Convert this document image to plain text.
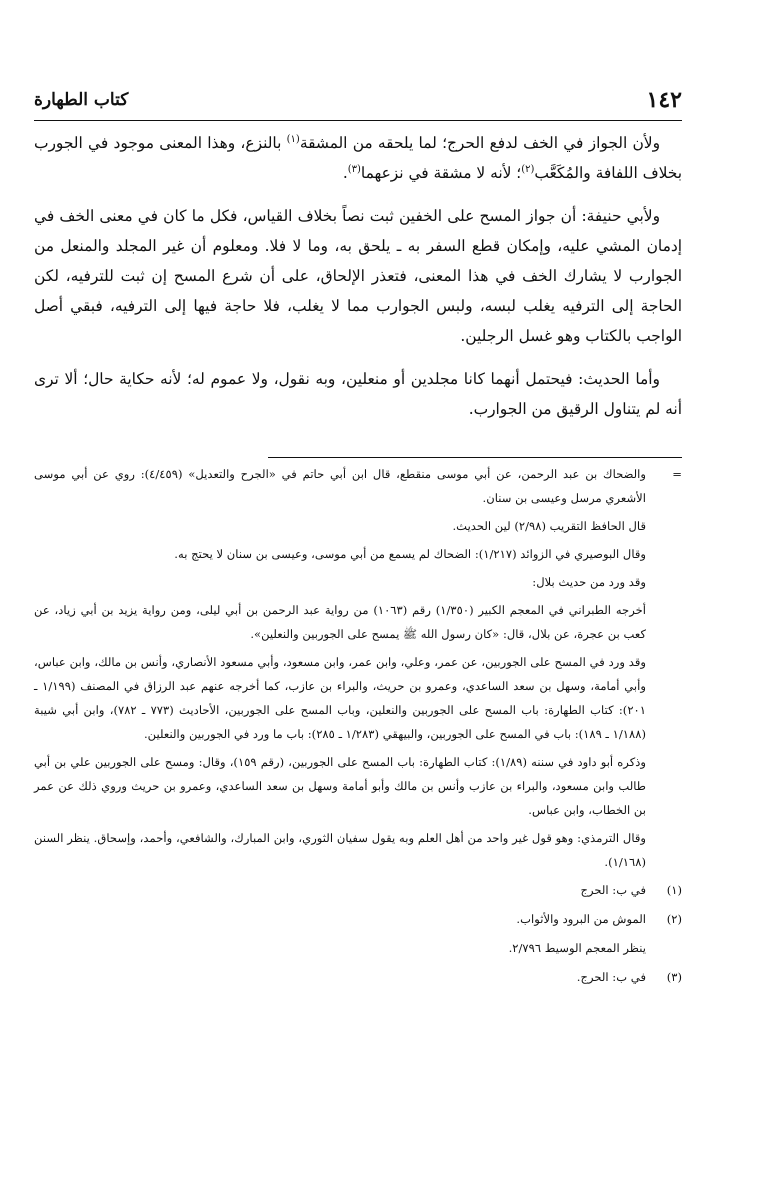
١٤٢
كتاب الطهارة

ولأن الجواز في الخف لدفع الحرج؛ لما يلحقه من المشقة$^{(١)}$ بالنزع، وهذا المعنى موجود في الجورب بخلاف اللفافة والمُكَعَّب$^{(٢)}$؛ لأنه لا مشقة في نزعهما$^{(٣)}$.

ولأبي حنيفة: أن جواز المسح على الخفين ثبت نصاً بخلاف القياس، فكل ما كان في معنى الخف في إدمان المشي عليه، وإمكان قطع السفر به ـ يلحق به، وما لا فلا. ومعلوم أن غير المجلد والمنعل من الجوارب لا يشارك الخف في هذا المعنى، فتعذر الإلحاق، على أن شرع المسح إن ثبت للترفيه، لكن الحاجة إلى الترفيه يغلب لبسه، ولبس الجوارب مما لا يغلب، فلا حاجة فيها إلى الترفيه، فبقي أصل الواجب بالكتاب وهو غسل الرجلين.

وأما الحديث: فيحتمل أنهما كانا مجلدين أو منعلين، وبه نقول، ولا عموم له؛ لأنه حكاية حال؛ ألا ترى أنه لم يتناول الرقيق من الجوارب.

=

والضحاك بن عبد الرحمن، عن أبي موسى منقطع، قال ابن أبي حاتم في «الجرح والتعديل» (٤/٤٥٩): روي عن أبي موسى الأشعري مرسل وعيسى بن سنان.

قال الحافظ التقريب (٢/٩٨) لين الحديث.

وقال البوصيري في الزوائد (١/٢١٧): الضحاك لم يسمع من أبي موسى، وعيسى بن سنان لا يحتج به.

وقد ورد من حديث بلال:

أخرجه الطبراني في المعجم الكبير (١/٣٥٠) رقم (١٠٦٣) من رواية عبد الرحمن بن أبي ليلى، ومن رواية يزيد بن أبي زياد، عن كعب بن عجرة، عن بلال، قال: «كان رسول الله ﷺ يمسح على الجوربين والنعلين».

وقد ورد في المسح على الجوربين، عن عمر، وعلي، وابن عمر، وابن مسعود، وأبي مسعود الأنصاري، وأنس بن مالك، وابن عباس، وأبي أمامة، وسهل بن سعد الساعدي، وعمرو بن حريث، والبراء بن عازب، كما أخرجه عنهم عبد الرزاق في المصنف (١/١٩٩ ـ ٢٠١): كتاب الطهارة: باب المسح على الجوربين والنعلين، وباب المسح على الجوربين، الأحاديث (٧٧٣ ـ ٧٨٢)، وابن أبي شيبة (١/١٨٨ ـ ١٨٩): باب في المسح على الجوربين، والبيهقي (١/٢٨٣ ـ ٢٨٥): باب ما ورد في الجوربين والنعلين.

وذكره أبو داود في سننه (١/٨٩): كتاب الطهارة: باب المسح على الجوربين، (رقم ١٥٩)، وقال: ومسح على الجوربين علي بن أبي طالب وابن مسعود، والبراء بن عازب وأنس بن مالك وأبو أمامة وسهل بن سعد الساعدي، وعمرو بن حريث وروي ذلك عن عمر بن الخطاب، وابن عباس.

وقال الترمذي: وهو قول غير واحد من أهل العلم وبه يقول سفيان الثوري، وابن المبارك، والشافعي، وأحمد، وإسحاق. ينظر السنن (١/١٦٨).

(١)
في ب: الحرج
(٢)
الموش من البرود والأثواب.
ينظر المعجم الوسيط ٢/٧٩٦.
(٣)
في ب: الحرج.
